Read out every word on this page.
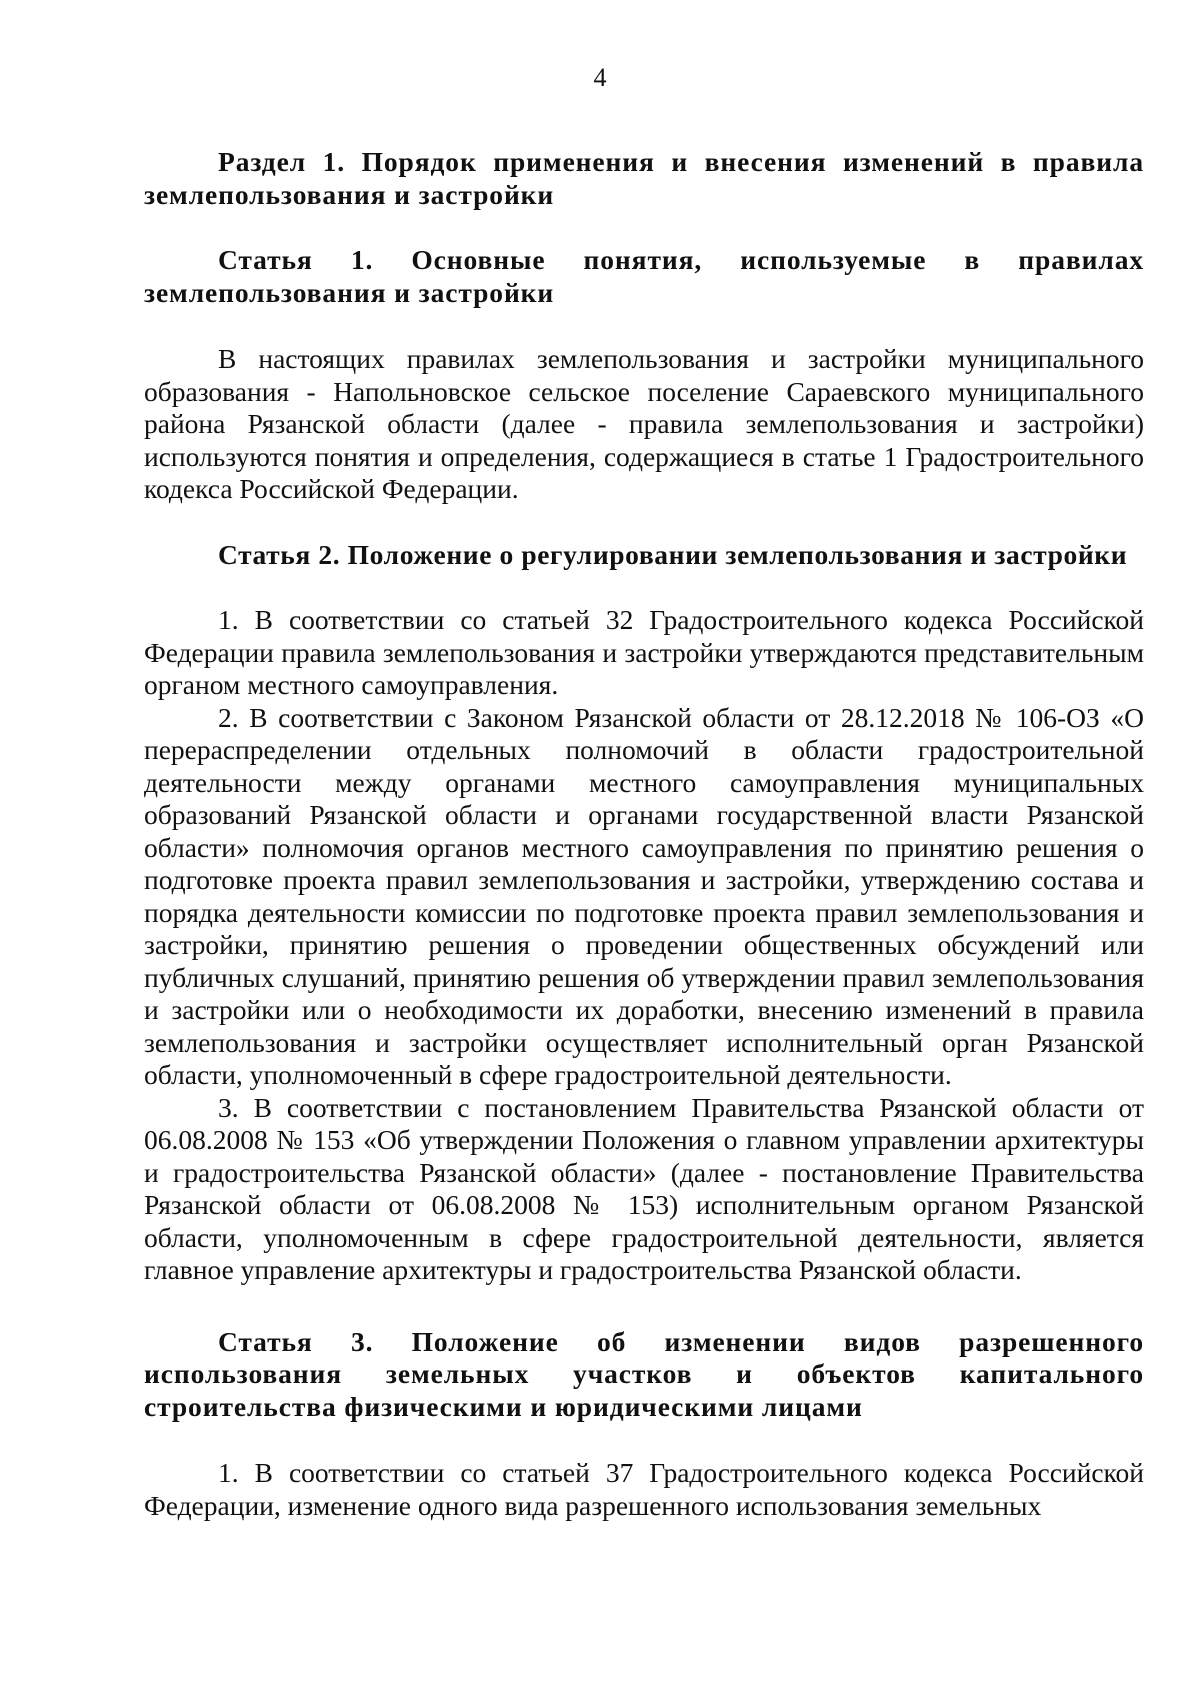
4

Раздел 1. Порядок применения и внесения изменений в правила землепользования и застройки

Статья 1. Основные понятия, используемые в правилах землепользования и застройки

В настоящих правилах землепользования и застройки муниципального образования - Напольновское сельское поселение Сараевского муниципального района Рязанской области (далее - правила землепользования и застройки) используются понятия и определения, содержащиеся в статье 1 Градостроительного кодекса Российской Федерации.

Статья 2. Положение о регулировании землепользования и застройки

1. В соответствии со статьей 32 Градостроительного кодекса Российской Федерации правила землепользования и застройки утверждаются представительным органом местного самоуправления.

2. В соответствии с Законом Рязанской области от 28.12.2018 № 106-ОЗ «О перераспределении отдельных полномочий в области градостроительной деятельности между органами местного самоуправления муниципальных образований Рязанской области и органами государственной власти Рязанской области» полномочия органов местного самоуправления по принятию решения о подготовке проекта правил землепользования и застройки, утверждению состава и порядка деятельности комиссии по подготовке проекта правил землепользования и застройки, принятию решения о проведении общественных обсуждений или публичных слушаний, принятию решения об утверждении правил землепользования и застройки или о необходимости их доработки, внесению изменений в правила землепользования и застройки осуществляет исполнительный орган Рязанской области, уполномоченный в сфере градостроительной деятельности.

3. В соответствии с постановлением Правительства Рязанской области от 06.08.2008 № 153 «Об утверждении Положения о главном управлении архитектуры и градостроительства Рязанской области» (далее - постановление Правительства Рязанской области от 06.08.2008 № 153) исполнительным органом Рязанской области, уполномоченным в сфере градостроительной деятельности, является главное управление архитектуры и градостроительства Рязанской области.

Статья 3. Положение об изменении видов разрешенного использования земельных участков и объектов капитального строительства физическими и юридическими лицами

1. В соответствии со статьей 37 Градостроительного кодекса Российской Федерации, изменение одного вида разрешенного использования земельных
